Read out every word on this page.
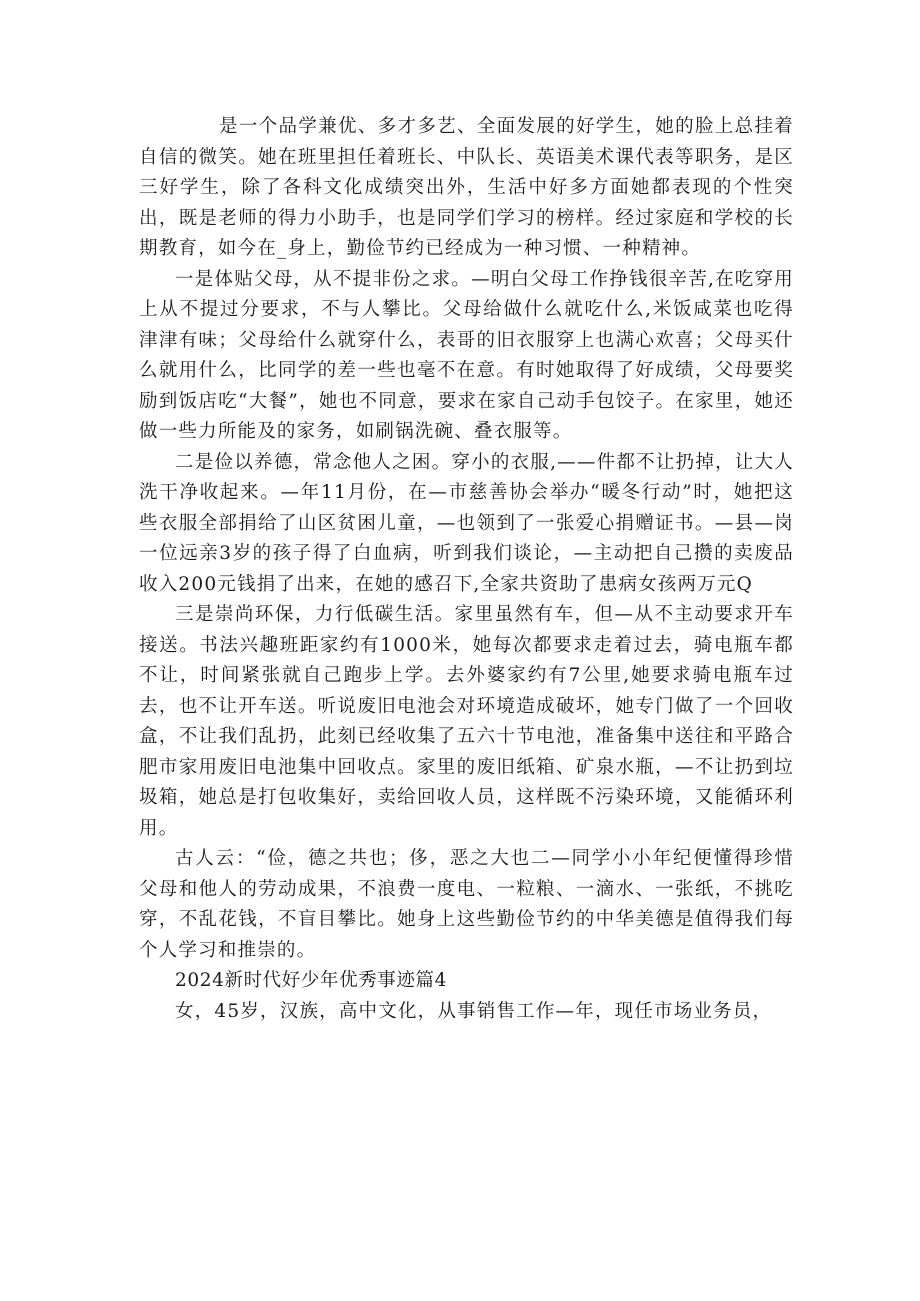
是一个品学兼优、多才多艺、全面发展的好学生，她的脸上总挂着自信的微笑。她在班里担任着班长、中队长、英语美术课代表等职务，是区三好学生，除了各科文化成绩突出外，生活中好多方面她都表现的个性突出，既是老师的得力小助手，也是同学们学习的榜样。经过家庭和学校的长期教育，如今在_身上，勤俭节约已经成为一种习惯、一种精神。

一是体贴父母，从不提非份之求。—明白父母工作挣钱很辛苦,在吃穿用上从不提过分要求，不与人攀比。父母给做什么就吃什么,米饭咸菜也吃得津津有味；父母给什么就穿什么，表哥的旧衣服穿上也满心欢喜；父母买什么就用什么，比同学的差一些也毫不在意。有时她取得了好成绩，父母要奖励到饭店吃“大餐”，她也不同意，要求在家自己动手包饺子。在家里，她还做一些力所能及的家务，如刷锅洗碗、叠衣服等。

二是俭以养德，常念他人之困。穿小的衣服,——件都不让扔掉，让大人洗干净收起来。—年11月份，在—市慈善协会举办“暖冬行动”时，她把这些衣服全部捐给了山区贫困儿童，—也领到了一张爱心捐赠证书。—县—岗一位远亲3岁的孩子得了白血病，听到我们谈论，—主动把自己攒的卖废品收入200元钱捐了出来，在她的感召下,全家共资助了患病女孩两万元Q

三是崇尚环保，力行低碳生活。家里虽然有车，但—从不主动要求开车接送。书法兴趣班距家约有1000米，她每次都要求走着过去，骑电瓶车都不让，时间紧张就自己跑步上学。去外婆家约有7公里,她要求骑电瓶车过去，也不让开车送。听说废旧电池会对环境造成破坏，她专门做了一个回收盒，不让我们乱扔，此刻已经收集了五六十节电池，准备集中送往和平路合肥市家用废旧电池集中回收点。家里的废旧纸箱、矿泉水瓶，—不让扔到垃圾箱，她总是打包收集好，卖给回收人员，这样既不污染环境，又能循环利用。

古人云：“俭，德之共也；侈，恶之大也二—同学小小年纪便懂得珍惜父母和他人的劳动成果，不浪费一度电、一粒粮、一滴水、一张纸，不挑吃穿，不乱花钱，不盲目攀比。她身上这些勤俭节约的中华美德是值得我们每个人学习和推崇的。

2024新时代好少年优秀事迹篇4

女，45岁，汉族，高中文化，从事销售工作—年，现任市场业务员，
